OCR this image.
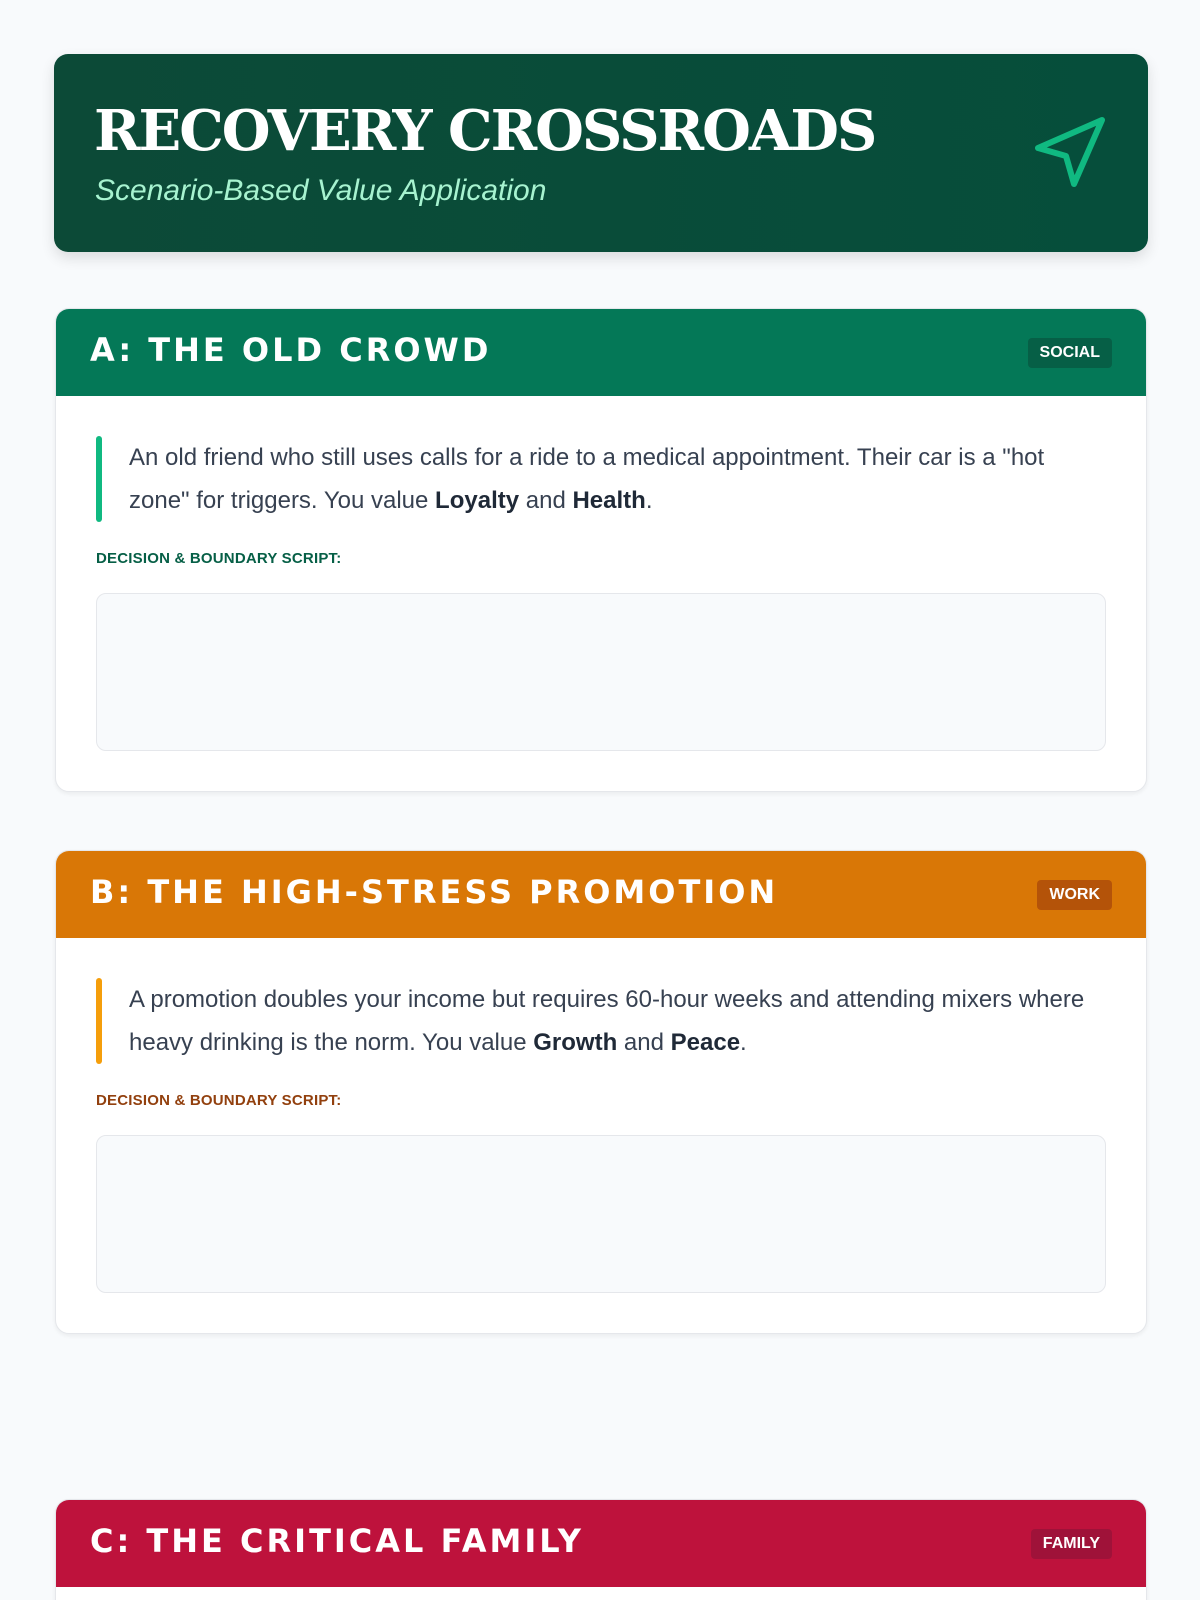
RECOVERY CROSSROADS
Scenario-Based Value Application
A: THE OLD CROWD	SOCIAL

An old friend who still uses calls for a ride to a medical appointment. Their car is a "hot zone" for triggers. You value Loyalty and Health.

DECISION & BOUNDARY SCRIPT:
B: THE HIGH-STRESS PROMOTION	WORK

A promotion doubles your income but requires 60-hour weeks and attending mixers where heavy drinking is the norm. You value Growth and Peace.

DECISION & BOUNDARY SCRIPT:
C: THE CRITICAL FAMILY	FAMILY
